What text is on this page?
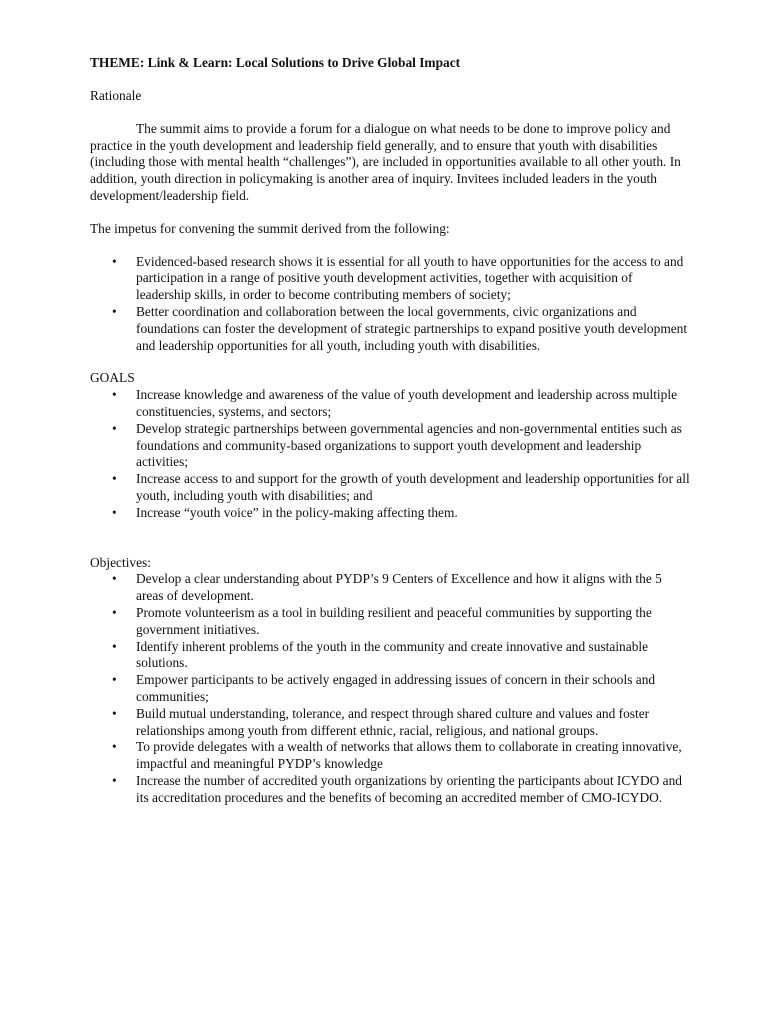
THEME: Link & Learn: Local Solutions to Drive Global Impact
Rationale

The summit aims to provide a forum for a dialogue on what needs to be done to improve policy and practice in the youth development and leadership field generally, and to ensure that youth with disabilities (including those with mental health “challenges”), are included in opportunities available to all other youth. In addition, youth direction in policymaking is another area of inquiry. Invitees included leaders in the youth development/leadership field.

The impetus for convening the summit derived from the following:

• Evidenced-based research shows it is essential for all youth to have opportunities for the access to and participation in a range of positive youth development activities, together with acquisition of leadership skills, in order to become contributing members of society;
• Better coordination and collaboration between the local governments, civic organizations and foundations can foster the development of strategic partnerships to expand positive youth development and leadership opportunities for all youth, including youth with disabilities.
GOALS
• Increase knowledge and awareness of the value of youth development and leadership across multiple constituencies, systems, and sectors;
• Develop strategic partnerships between governmental agencies and non-governmental entities such as foundations and community-based organizations to support youth development and leadership activities;
• Increase access to and support for the growth of youth development and leadership opportunities for all youth, including youth with disabilities; and
• Increase “youth voice” in the policy-making affecting them.
Objectives:
• Develop a clear understanding about PYDP’s 9 Centers of Excellence and how it aligns with the 5 areas of development.
• Promote volunteerism as a tool in building resilient and peaceful communities by supporting the government initiatives.
• Identify inherent problems of the youth in the community and create innovative and sustainable solutions.
• Empower participants to be actively engaged in addressing issues of concern in their schools and communities;
• Build mutual understanding, tolerance, and respect through shared culture and values and foster relationships among youth from different ethnic, racial, religious, and national groups.
• To provide delegates with a wealth of networks that allows them to collaborate in creating innovative, impactful and meaningful PYDP’s knowledge
• Increase the number of accredited youth organizations by orienting the participants about ICYDO and its accreditation procedures and the benefits of becoming an accredited member of CMO-ICYDO.
